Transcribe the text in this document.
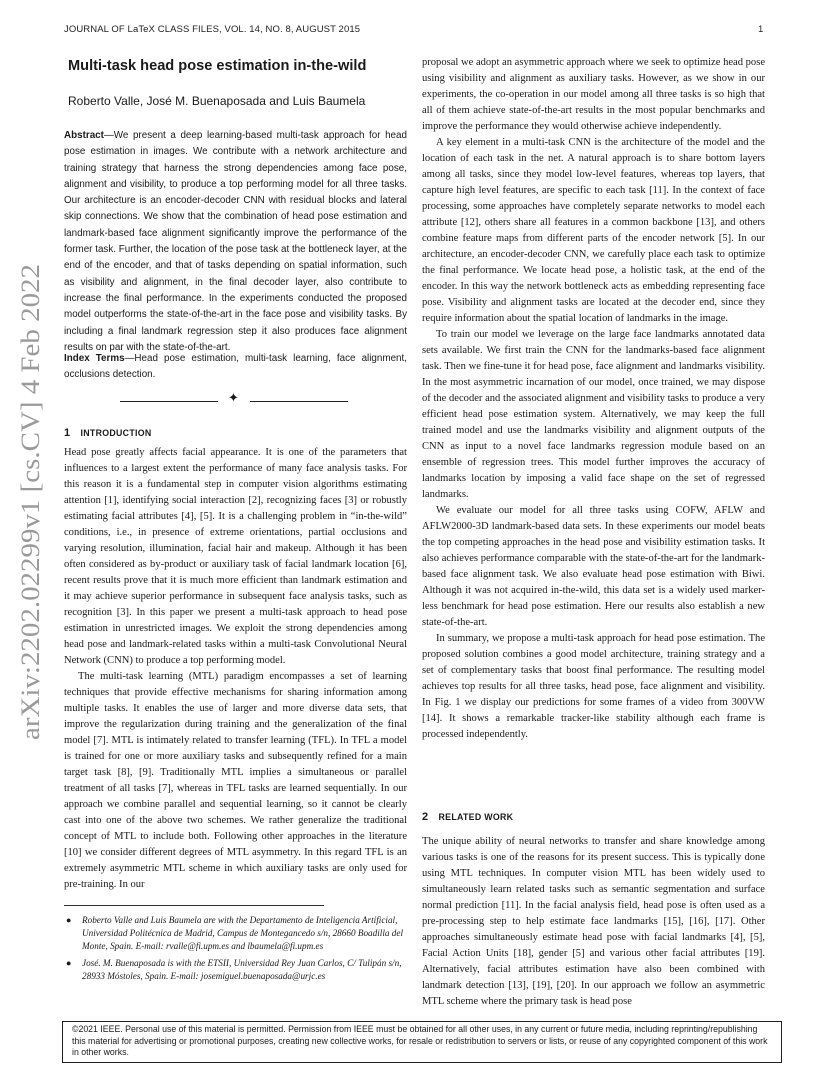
JOURNAL OF LaTeX CLASS FILES, VOL. 14, NO. 8, AUGUST 2015	1
arXiv:2202.02299v1 [cs.CV] 4 Feb 2022
Multi-task head pose estimation in-the-wild
Roberto Valle, José M. Buenaposada and Luis Baumela
Abstract—We present a deep learning-based multi-task approach for head pose estimation in images. We contribute with a network architecture and training strategy that harness the strong dependencies among face pose, alignment and visibility, to produce a top performing model for all three tasks. Our architecture is an encoder-decoder CNN with residual blocks and lateral skip connections. We show that the combination of head pose estimation and landmark-based face alignment significantly improve the performance of the former task. Further, the location of the pose task at the bottleneck layer, at the end of the encoder, and that of tasks depending on spatial information, such as visibility and alignment, in the final decoder layer, also contribute to increase the final performance. In the experiments conducted the proposed model outperforms the state-of-the-art in the face pose and visibility tasks. By including a final landmark regression step it also produces face alignment results on par with the state-of-the-art.
Index Terms—Head pose estimation, multi-task learning, face alignment, occlusions detection.
✦
1 INTRODUCTION

Head pose greatly affects facial appearance. It is one of the parameters that influences to a largest extent the performance of many face analysis tasks. For this reason it is a fundamental step in computer vision algorithms estimating attention [1], identifying social interaction [2], recognizing faces [3] or robustly estimating facial attributes [4], [5]. It is a challenging problem in “in-the-wild” conditions, i.e., in presence of extreme orientations, partial occlusions and varying resolution, illumination, facial hair and makeup. Although it has been often considered as by-product or auxiliary task of facial landmark location [6], recent results prove that it is much more efficient than landmark estimation and it may achieve superior performance in subsequent face analysis tasks, such as recognition [3]. In this paper we present a multi-task approach to head pose estimation in unrestricted images. We exploit the strong dependencies among head pose and landmark-related tasks within a multi-task Convolutional Neural Network (CNN) to produce a top performing model.

The multi-task learning (MTL) paradigm encompasses a set of learning techniques that provide effective mechanisms for sharing information among multiple tasks. It enables the use of larger and more diverse data sets, that improve the regularization during training and the generalization of the final model [7]. MTL is intimately related to transfer learning (TFL). In TFL a model is trained for one or more auxiliary tasks and subsequently refined for a main target task [8], [9]. Traditionally MTL implies a simultaneous or parallel treatment of all tasks [7], whereas in TFL tasks are learned sequentially. In our approach we combine parallel and sequential learning, so it cannot be clearly cast into one of the above two schemes. We rather generalize the traditional concept of MTL to include both. Following other approaches in the literature [10] we consider different degrees of MTL asymmetry. In this regard TFL is an extremely asymmetric MTL scheme in which auxiliary tasks are only used for pre-training. In our

● Roberto Valle and Luis Baumela are with the Departamento de Inteligencia Artificial, Universidad Politécnica de Madrid, Campus de Montegancedo s/n, 28660 Boadilla del Monte, Spain. E-mail: rvalle@fi.upm.es and lbaumela@fi.upm.es
● José. M. Buenaposada is with the ETSII, Universidad Rey Juan Carlos, C/ Tulipán s/n, 28933 Móstoles, Spain. E-mail: josemiguel.buenaposada@urjc.es

proposal we adopt an asymmetric approach where we seek to optimize head pose using visibility and alignment as auxiliary tasks. However, as we show in our experiments, the co-operation in our model among all three tasks is so high that all of them achieve state-of-the-art results in the most popular benchmarks and improve the performance they would otherwise achieve independently.

A key element in a multi-task CNN is the architecture of the model and the location of each task in the net. A natural approach is to share bottom layers among all tasks, since they model low-level features, whereas top layers, that capture high level features, are specific to each task [11]. In the context of face processing, some approaches have completely separate networks to model each attribute [12], others share all features in a common backbone [13], and others combine feature maps from different parts of the encoder network [5]. In our architecture, an encoder-decoder CNN, we carefully place each task to optimize the final performance. We locate head pose, a holistic task, at the end of the encoder. In this way the network bottleneck acts as embedding representing face pose. Visibility and alignment tasks are located at the decoder end, since they require information about the spatial location of landmarks in the image.

To train our model we leverage on the large face landmarks annotated data sets available. We first train the CNN for the landmarks-based face alignment task. Then we fine-tune it for head pose, face alignment and landmarks visibility. In the most asymmetric incarnation of our model, once trained, we may dispose of the decoder and the associated alignment and visibility tasks to produce a very efficient head pose estimation system. Alternatively, we may keep the full trained model and use the landmarks visibility and alignment outputs of the CNN as input to a novel face landmarks regression module based on an ensemble of regression trees. This model further improves the accuracy of landmarks location by imposing a valid face shape on the set of regressed landmarks.

We evaluate our model for all three tasks using COFW, AFLW and AFLW2000-3D landmark-based data sets. In these experiments our model beats the top competing approaches in the head pose and visibility estimation tasks. It also achieves performance comparable with the state-of-the-art for the landmark-based face alignment task. We also evaluate head pose estimation with Biwi. Although it was not acquired in-the-wild, this data set is a widely used marker-less benchmark for head pose estimation. Here our results also establish a new state-of-the-art.

In summary, we propose a multi-task approach for head pose estimation. The proposed solution combines a good model architecture, training strategy and a set of complementary tasks that boost final performance. The resulting model achieves top results for all three tasks, head pose, face alignment and visibility. In Fig. 1 we display our predictions for some frames of a video from 300VW [14]. It shows a remarkable tracker-like stability although each frame is processed independently.

2 RELATED WORK

The unique ability of neural networks to transfer and share knowledge among various tasks is one of the reasons for its present success. This is typically done using MTL techniques. In computer vision MTL has been widely used to simultaneously learn related tasks such as semantic segmentation and surface normal prediction [11]. In the facial analysis field, head pose is often used as a pre-processing step to help estimate face landmarks [15], [16], [17]. Other approaches simultaneously estimate head pose with facial landmarks [4], [5], Facial Action Units [18], gender [5] and various other facial attributes [19]. Alternatively, facial attributes estimation have also been combined with landmark detection [13], [19], [20]. In our approach we follow an asymmetric MTL scheme where the primary task is head pose

©2021 IEEE. Personal use of this material is permitted. Permission from IEEE must be obtained for all other uses, in any current or future media, including reprinting/republishing this material for advertising or promotional purposes, creating new collective works, for resale or redistribution to servers or lists, or reuse of any copyrighted component of this work in other works.
